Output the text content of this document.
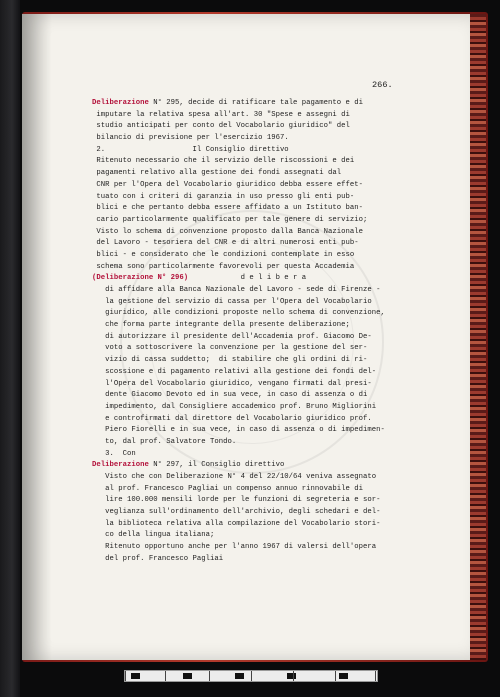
266.
Deliberazione N° 295, decide di ratificare tale pagamento e di
imputare la relativa spesa all'art. 30 "Spese e assegni di
studio anticipati per conto del Vocabolario giuridico" del
bilancio di previsione per l'esercizio 1967.
2.                    Il Consiglio direttivo
Ritenuto necessario che il servizio delle riscossioni e dei
pagamenti relativo alla gestione dei fondi assegnati dal
CNR per l'Opera del Vocabolario giuridico debba essere effet-
tuato con i criteri di garanzia in uso presso gli enti pub-
blici e che pertanto debba essere affidato a un Istituto ban-
cario particolarmente qualificato per tale genere di servizio;
Visto lo schema di convenzione proposto dalla Banca Nazionale
del Lavoro - tesoriera del CNR e di altri numerosi enti pub-
blici - e considerato che le condizioni contemplate in esso
schema sono particolarmente favorevoli per questa Accademia
(Deliberazione N° 296)            d e l i b e r a
di affidare alla Banca Nazionale del Lavoro - sede di Firenze -
la gestione del servizio di cassa per l'Opera del Vocabolario
giuridico, alle condizioni proposte nello schema di convenzione,
che forma parte integrante della presente deliberazione;
di autorizzare il presidente dell'Accademia prof. Giacomo De-
voto a sottoscrivere la convenzione per la gestione del ser-
vizio di cassa suddetto;  di stabilire che gli ordini di ri-
scossione e di pagamento relativi alla gestione dei fondi del-
l'Opera del Vocabolario giuridico, vengano firmati dal presi-
dente Giacomo Devoto ed in sua vece, in caso di assenza o di
impedimento, dal Consigliere accademico prof. Bruno Migliorini
e controfirmati dal direttore del Vocabolario giuridico prof.
Piero Fiorelli e in sua vece, in caso di assenza o di impedimen-
to, dal prof. Salvatore Tondo.
3.  Con
Deliberazione N° 297, il Consiglio direttivo
Visto che con Deliberazione N° 4 del 22/10/64 veniva assegnato
al prof. Francesco Pagliai un compenso annuo rinnovabile di
lire 100.000 mensili lorde per le funzioni di segreteria e sor-
veglianza sull'ordinamento dell'archivio, degli schedari e del-
la biblioteca relativa alla compilazione del Vocabolario stori-
co della lingua italiana;
Ritenuto opportuno anche per l'anno 1967 di valersi dell'opera
del prof. Francesco Pagliai
